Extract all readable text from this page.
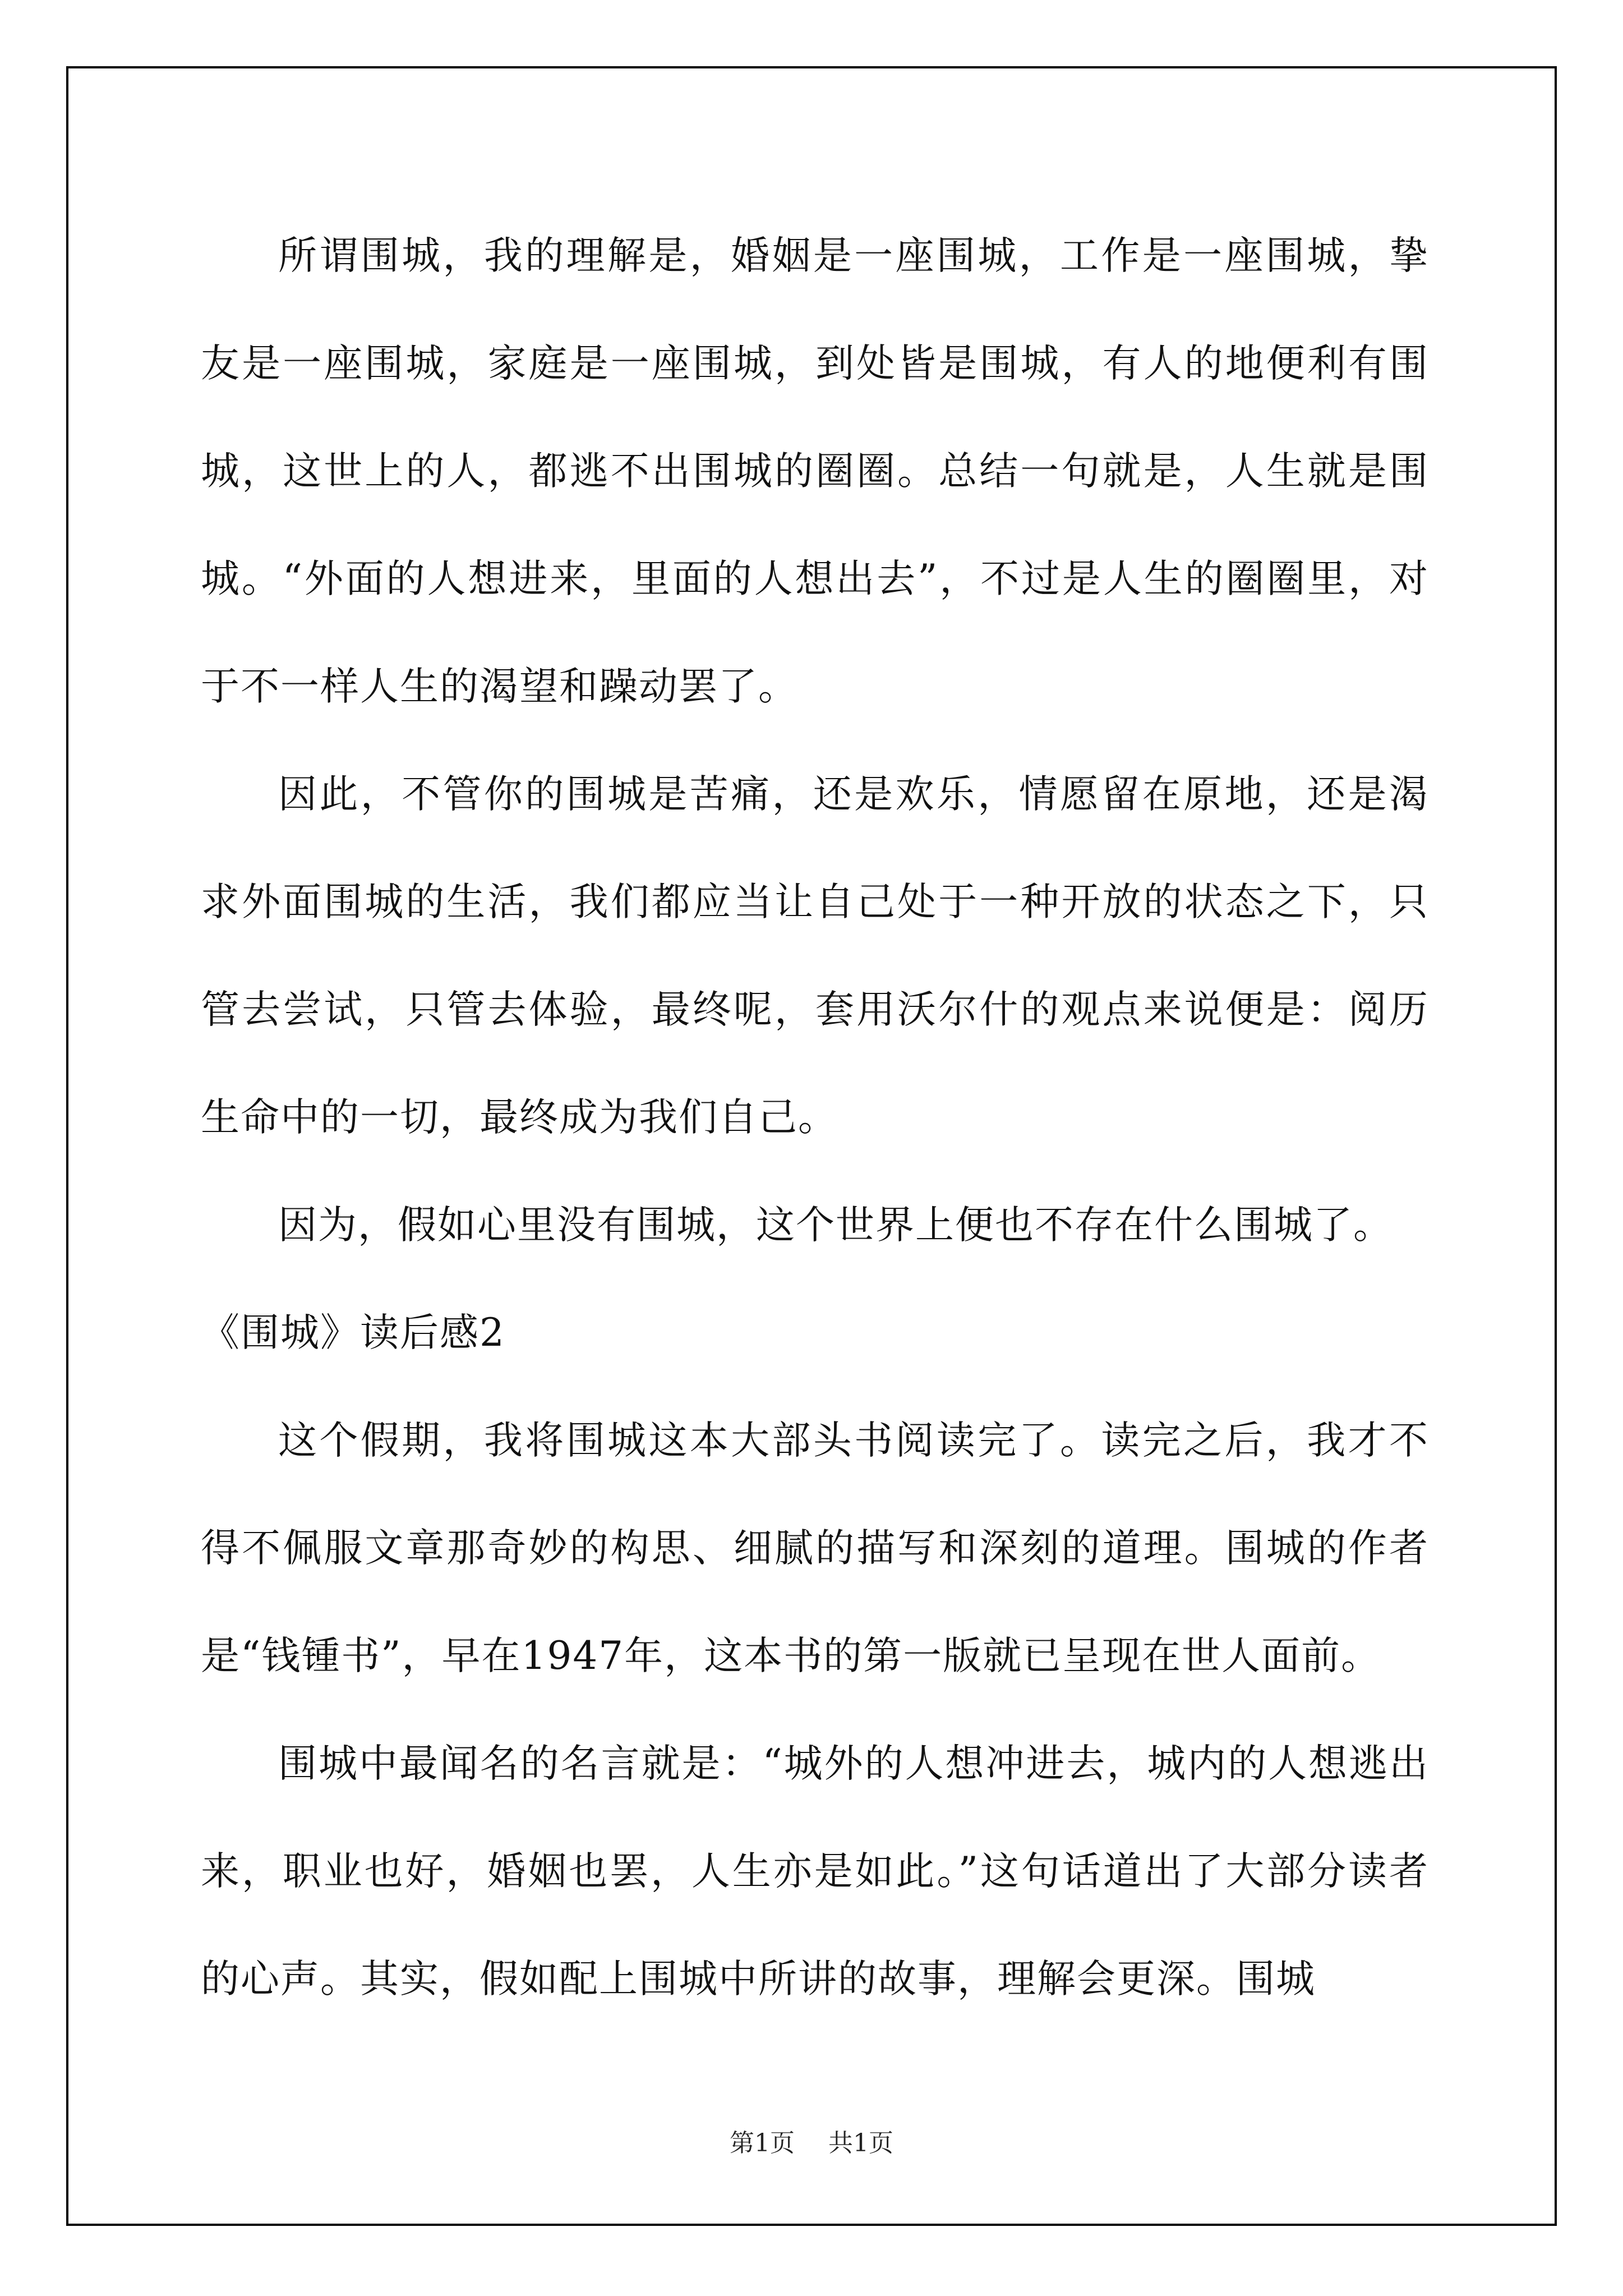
所谓围城，我的理解是，婚姻是一座围城，工作是一座围城，挚友是一座围城，家庭是一座围城，到处皆是围城，有人的地便利有围城，这世上的人，都逃不出围城的圈圈。总结一句就是，人生就是围城。“外面的人想进来，里面的人想出去”，不过是人生的圈圈里，对于不一样人生的渴望和躁动罢了。

因此，不管你的围城是苦痛，还是欢乐，情愿留在原地，还是渴求外面围城的生活，我们都应当让自己处于一种开放的状态之下，只管去尝试，只管去体验，最终呢，套用沃尔什的观点来说便是：阅历生命中的一切，最终成为我们自己。

因为，假如心里没有围城，这个世界上便也不存在什么围城了。

《围城》读后感2

这个假期，我将围城这本大部头书阅读完了。读完之后，我才不得不佩服文章那奇妙的构思、细腻的描写和深刻的道理。围城的作者是“钱锺书”，早在1947年，这本书的第一版就已呈现在世人面前。

围城中最闻名的名言就是：“城外的人想冲进去，城内的人想逃出来，职业也好，婚姻也罢，人生亦是如此。”这句话道出了大部分读者的心声。其实，假如配上围城中所讲的故事，理解会更深。围城

第1页 共1页
